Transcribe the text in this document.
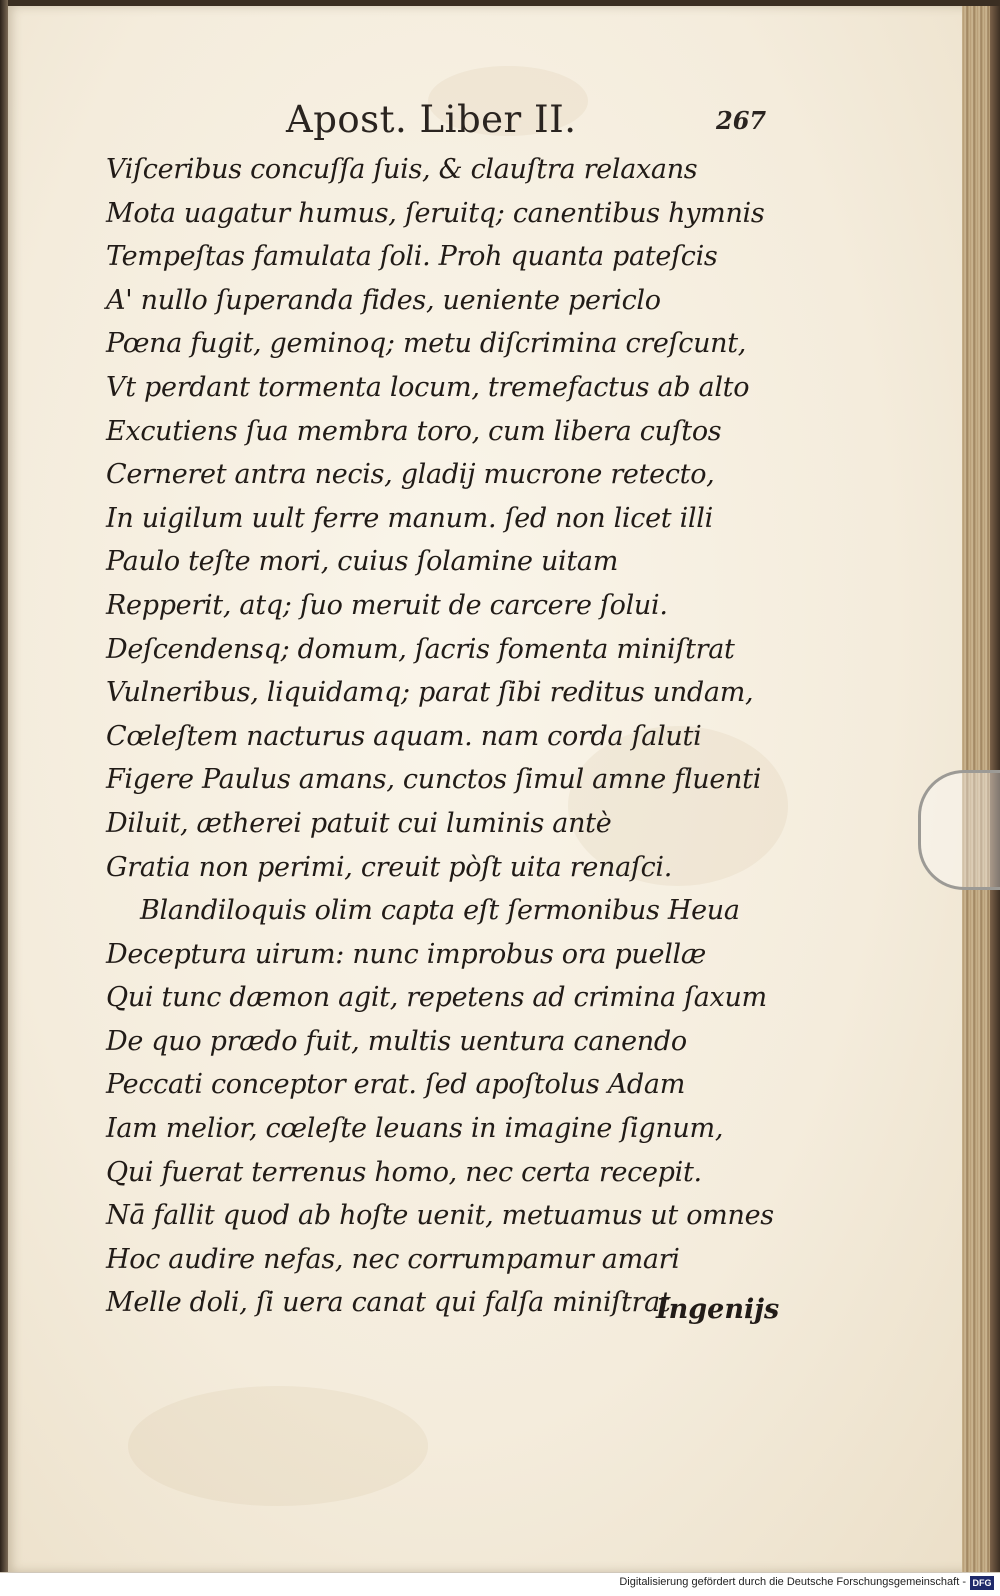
Apost. Liber II.	267
Viſceribus concuſſa ſuis, & clauſtra relaxans
Mota uagatur humus, ſeruitq; canentibus hymnis
Tempeſtas famulata ſoli. Proh quanta pateſcis
A' nullo ſuperanda fides, ueniente periclo
Pœna fugit, geminoq; metu diſcrimina creſcunt,
Vt perdant tormenta locum, tremefactus ab alto
Excutiens ſua membra toro, cum libera cuſtos
Cerneret antra necis, gladij mucrone retecto,
In uigilum uult ferre manum. ſed non licet illi
Paulo teſte mori, cuius ſolamine uitam
Repperit, atq; ſuo meruit de carcere ſolui.
Deſcendensq; domum, ſacris fomenta miniſtrat
Vulneribus, liquidamq; parat ſibi reditus undam,
Cœleſtem nacturus aquam. nam corda ſaluti
Figere Paulus amans, cunctos ſimul amne fluenti
Diluit, ætherei patuit cui luminis antè
Gratia non perimi, creuit pòſt uita renaſci.
Blandiloquis olim capta eſt ſermonibus Heua
Deceptura uirum: nunc improbus ora puellæ
Qui tunc dæmon agit, repetens ad crimina ſaxum
De quo prædo fuit, multis uentura canendo
Peccati conceptor erat. ſed apoſtolus Adam
Iam melior, cœleſte leuans in imagine ſignum,
Qui fuerat terrenus homo, nec certa recepit.
Nā fallit quod ab hoſte uenit, metuamus ut omnes
Hoc audire nefas, nec corrumpamur amari
Melle doli, ſi uera canat qui falſa miniſtrat.
Ingenijs
Digitalisierung gefördert durch die Deutsche Forschungsgemeinschaft - DFG
